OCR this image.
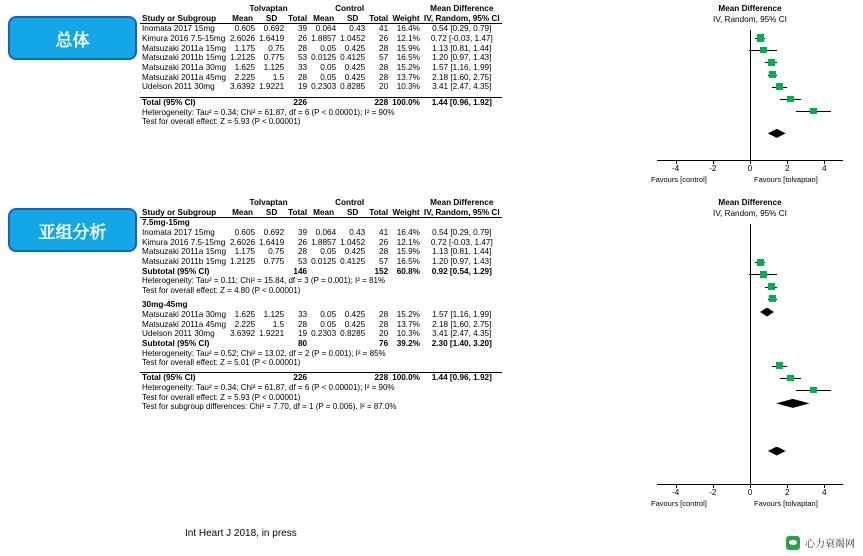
总体
亚组分析
	Tolvaptan			Control				Mean Difference
Study or Subgroup	Mean	SD	Total	Mean	SD	Total	Weight	IV, Random, 95% CI
Inomata 2017 15mg	0.605	0.692	39	0.064	0.43	41	16.4%	0.54 [0.29, 0.79]
Kimura 2016 7.5-15mg	2.6026	1.6419	26	1.8857	1.0452	26	12.1%	0.72 [-0.03, 1.47]
Matsuzaki 2011a 15mg	1.175	0.75	28	0.05	0.425	28	15.9%	1.13 [0.81, 1.44]
Matsuzaki 2011b 15mg	1.2125	0.775	53	0.0125	0.4125	57	16.5%	1.20 [0.97, 1.43]
Matsuzaki 2011a 30mg	1.625	1.125	33	0.05	0.425	28	15.2%	1.57 [1.16, 1.99]
Matsuzaki 2011a 45mg	2.225	1.5	28	0.05	0.425	28	13.7%	2.18 [1.60, 2.75]
Udelson 2011 30mg	3.6392	1.9221	19	0.2303	0.8285	20	10.3%	3.41 [2.47, 4.35]

Total (95% CI)			226			228	100.0%	1.44 [0.96, 1.92]
Heterogeneity: Tau² = 0.34; Chi² = 61.87, df = 6 (P < 0.00001); I² = 90%								
Test for overall effect: Z = 5.93 (P < 0.00001)								
Mean Difference
IV, Random, 95% CI
-4	-2	0	2	4
Favours [control]	Favours [tolvaptan]
	Tolvaptan			Control				Mean Difference
Study or Subgroup	Mean	SD	Total	Mean	SD	Total	Weight	IV, Random, 95% CI
7.5mg-15mg								
Inomata 2017 15mg	0.605	0.692	39	0.064	0.43	41	16.4%	0.54 [0.29, 0.79]
Kimura 2016 7.5-15mg	2.6026	1.6419	26	1.8857	1.0452	26	12.1%	0.72 [-0.03, 1.47]
Matsuzaki 2011a 15mg	1.175	0.75	28	0.05	0.425	28	15.9%	1.13 [0.81, 1.44]
Matsuzaki 2011b 15mg	1.2125	0.775	53	0.0125	0.4125	57	16.5%	1.20 [0.97, 1.43]
Subtotal (95% CI)			146			152	60.8%	0.92 [0.54, 1.29]
Heterogeneity: Tau² = 0.11; Chi² = 15.84, df = 3 (P = 0.001); I² = 81%								
Test for overall effect: Z = 4.80 (P < 0.00001)								

30mg-45mg								
Matsuzaki 2011a 30mg	1.625	1.125	33	0.05	0.425	28	15.2%	1.57 [1.16, 1.99]
Matsuzaki 2011a 45mg	2.225	1.5	28	0.05	0.425	28	13.7%	2.18 [1.60, 2.75]
Udelson 2011 30mg	3.6392	1.9221	19	0.2303	0.8285	20	10.3%	3.41 [2.47, 4.35]
Subtotal (95% CI)			80			76	39.2%	2.30 [1.40, 3.20]
Heterogeneity: Tau² = 0.52; Chi² = 13.02, df = 2 (P = 0.001); I² = 85%								
Test for overall effect: Z = 5.01 (P < 0.00001)								

Total (95% CI)			226			228	100.0%	1.44 [0.96, 1.92]
Heterogeneity: Tau² = 0.34; Chi² = 61.87, df = 6 (P < 0.00001); I² = 90%								
Test for overall effect: Z = 5.93 (P < 0.00001)								
Test for subgroup differences: Chi² = 7.70, df = 1 (P = 0.006), I² = 87.0%								
Mean Difference
IV, Random, 95% CI
-4	-2	0	2	4
Favours [control]	Favours [tolvaptan]
Int Heart J 2018, in press
心力衰竭网
